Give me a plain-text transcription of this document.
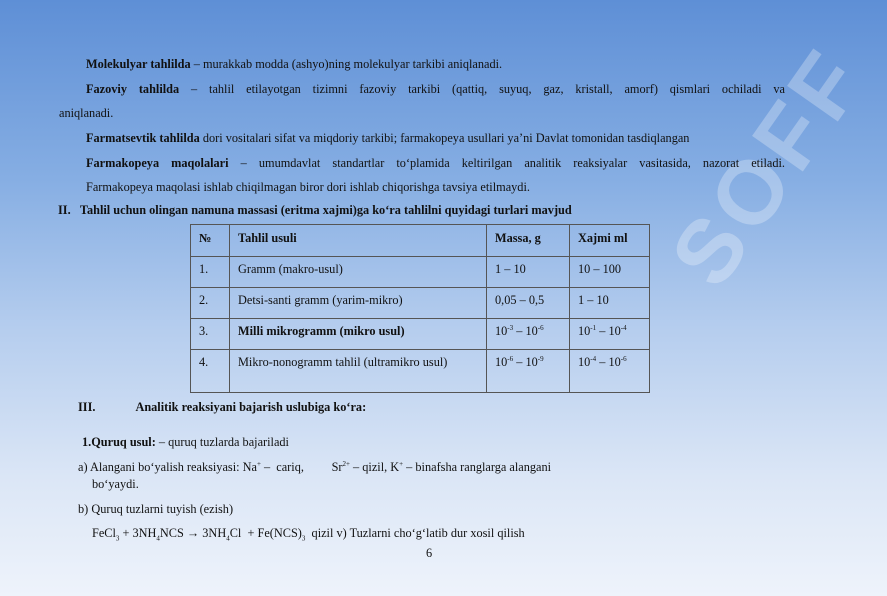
SOFF

Molekulyar tahlilda – murakkab modda (ashyo)ning molekulyar tarkibi aniqlanadi.

Fazoviy tahlilda – tahlil etilayotgan tizimni fazoviy tarkibi (qattiq, suyuq, gaz, kristall, amorf) qismlari ochiladi va

aniqlanadi.

Farmatsevtik tahlilda dori vositalari sifat va miqdoriy tarkibi; farmakopeya usullari ya’ni Davlat tomonidan tasdiqlangan

Farmakopeya maqolalari – umumdavlat standartlar to‘plamida keltirilgan analitik reaksiyalar vasitasida, nazorat etiladi.

Farmakopeya maqolasi ishlab chiqilmagan biror dori ishlab chiqorishga tavsiya etilmaydi.

II. Tahlil uchun olingan namuna massasi (eritma xajmi)ga ko‘ra tahlilni quyidagi turlari mavjud

№	Tahlil usuli	Massa, g	Xajmi ml
1.	Gramm (makro-usul)	1 – 10	10 – 100
2.	Detsi-santi gramm (yarim-mikro)	0,05 – 0,5	1 – 10
3.	Milli mikrogramm (mikro usul)	$10^{-3} - 10^{-6}$	$10^{-1} - 10^{-4}$
4.	Mikro-nonogramm tahlil (ultramikro usul)	$10^{-6} - 10^{-9}$	$10^{-4} - 10^{-6}$

III.	Analitik reaksiyani bajarish uslubiga ko‘ra:

1.Quruq usul: – quruq tuzlarda bajariladi

a) Alangani bo‘yalish reaksiyasi: Na+ –  cariq,         $Sr^{2+}$ – qizil, K+ – binafsha ranglarga alangani

bo‘yaydi.

b) Quruq tuzlarni tuyish (ezish)

FeCl$_3$ + $3NH_4NCS \to 3NH_4Cl + Fe(NCS)_3$  qizil v) Tuzlarni cho‘g‘latib dur xosil qilish

6
